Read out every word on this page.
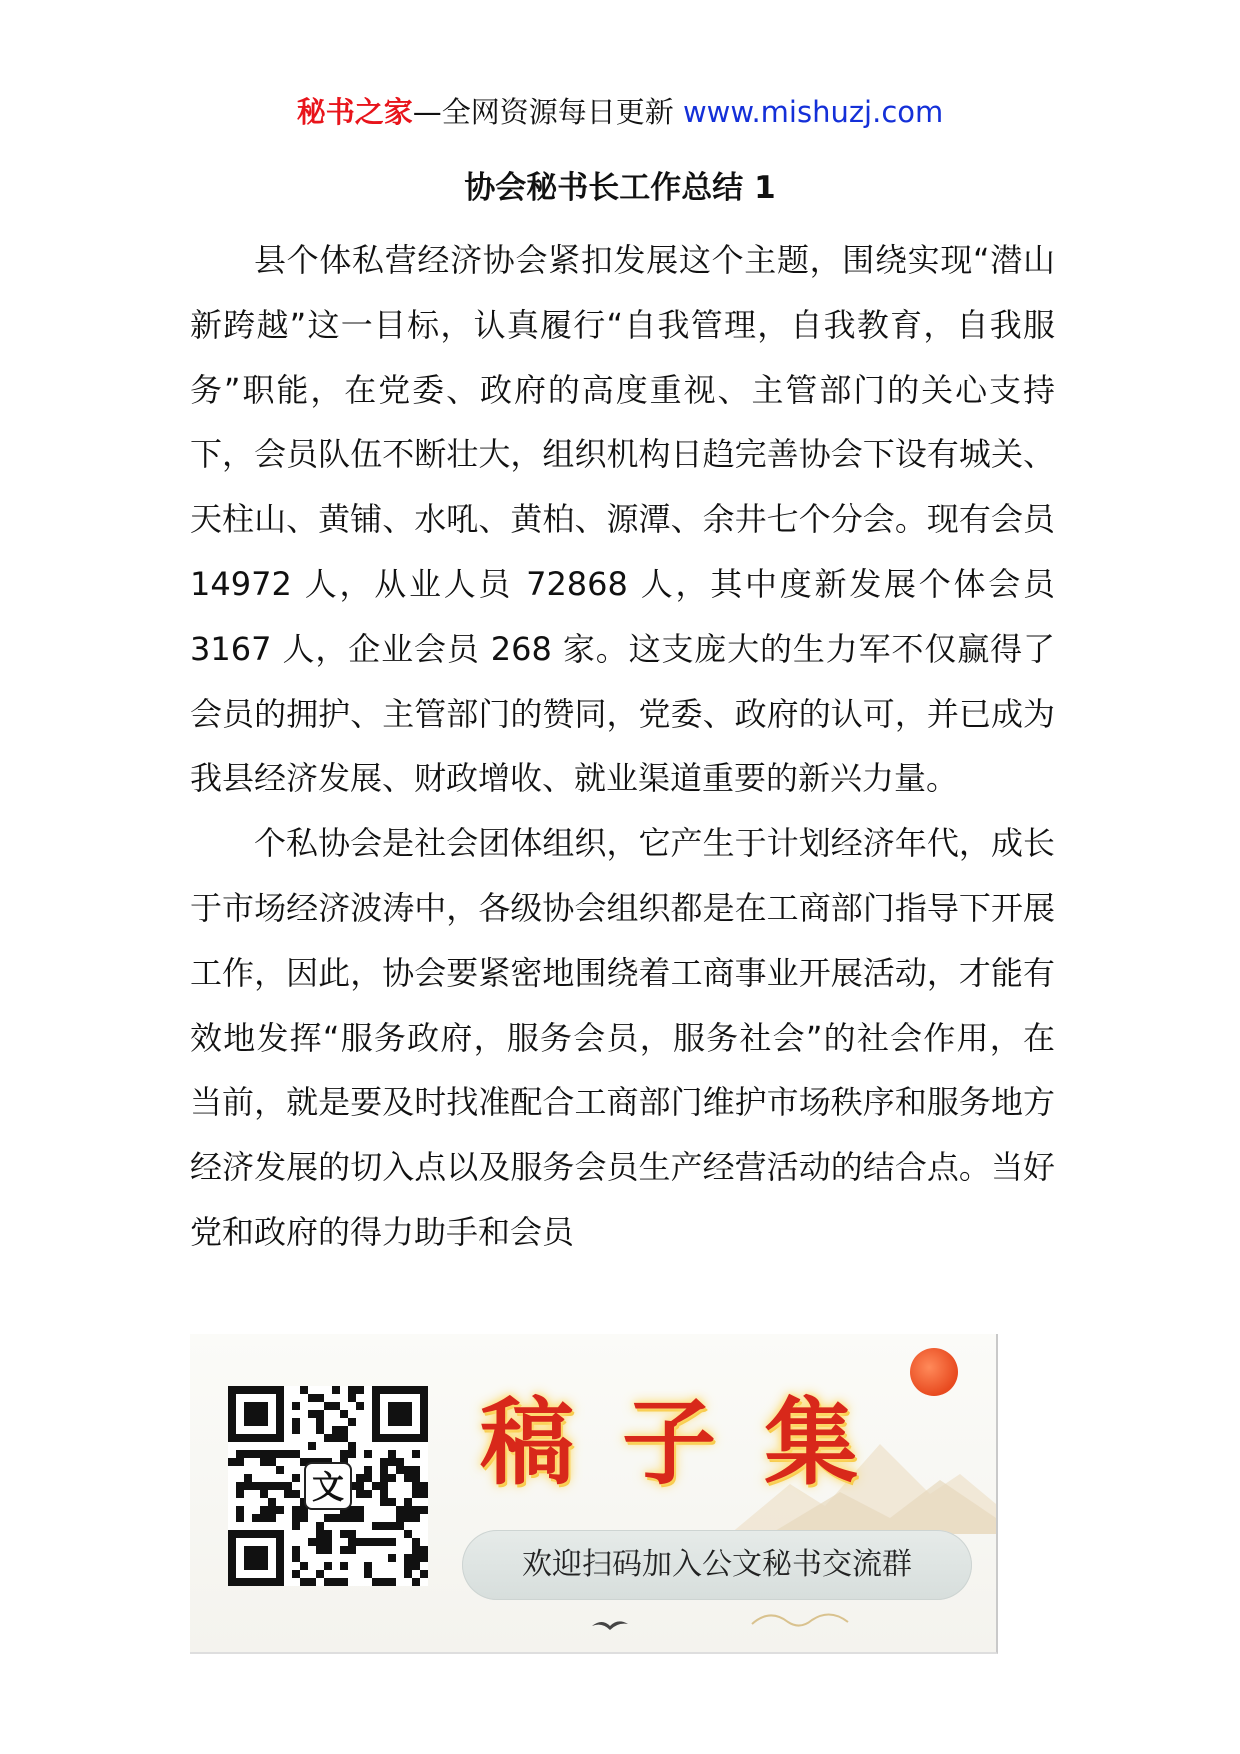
秘书之家—全网资源每日更新 www.mishuzj.com
协会秘书长工作总结 1

县个体私营经济协会紧扣发展这个主题，围绕实现“潜山新跨越”这一目标，认真履行“自我管理，自我教育，自我服务”职能，在党委、政府的高度重视、主管部门的关心支持下，会员队伍不断壮大，组织机构日趋完善协会下设有城关、天柱山、黄铺、水吼、黄柏、源潭、余井七个分会。现有会员 14972 人，从业人员 72868 人，其中度新发展个体会员 3167 人，企业会员 268 家。这支庞大的生力军不仅赢得了会员的拥护、主管部门的赞同，党委、政府的认可，并已成为我县经济发展、财政增收、就业渠道重要的新兴力量。

个私协会是社会团体组织，它产生于计划经济年代，成长于市场经济波涛中，各级协会组织都是在工商部门指导下开展工作，因此，协会要紧密地围绕着工商事业开展活动，才能有效地发挥“服务政府，服务会员，服务社会”的社会作用，在当前，就是要及时找准配合工商部门维护市场秩序和服务地方经济发展的切入点以及服务会员生产经营活动的结合点。当好党和政府的得力助手和会员

文 稿子集
欢迎扫码加入公文秘书交流群
